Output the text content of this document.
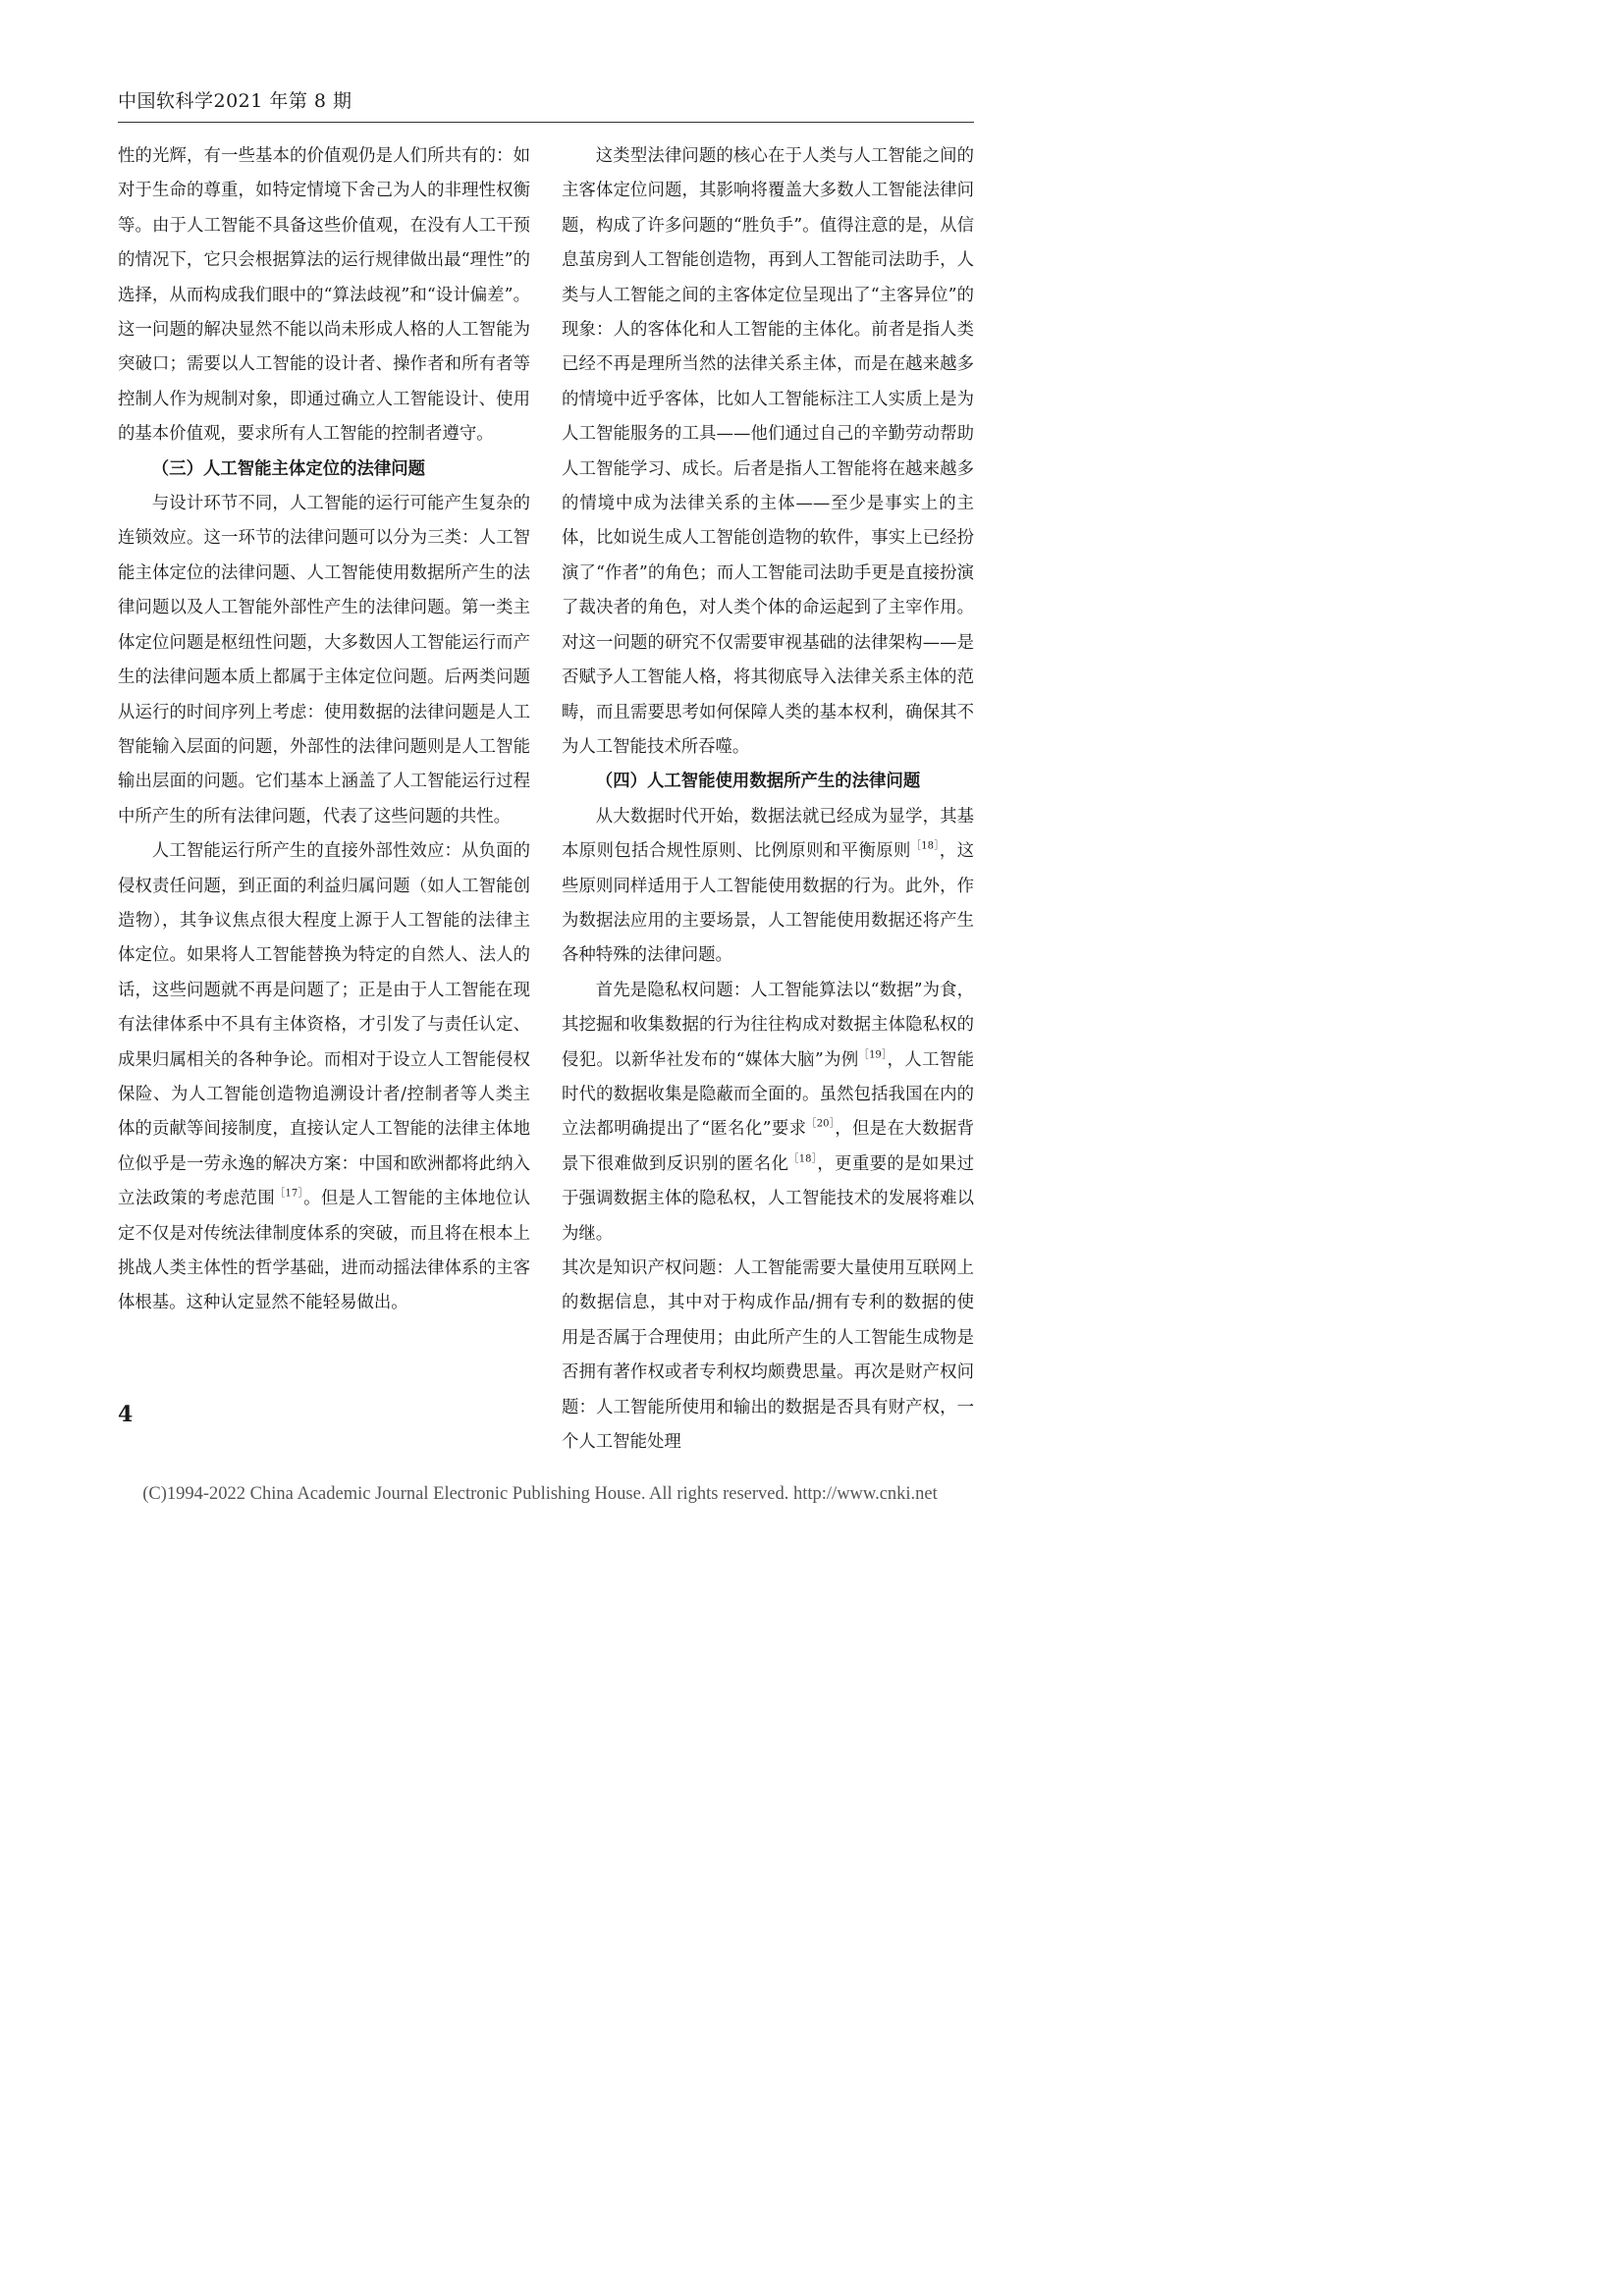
中国软科学2021 年第 8 期

性的光辉，有一些基本的价值观仍是人们所共有的：如对于生命的尊重，如特定情境下舍己为人的非理性权衡等。由于人工智能不具备这些价值观，在没有人工干预的情况下，它只会根据算法的运行规律做出最“理性”的选择，从而构成我们眼中的“算法歧视”和“设计偏差”。这一问题的解决显然不能以尚未形成人格的人工智能为突破口；需要以人工智能的设计者、操作者和所有者等控制人作为规制对象，即通过确立人工智能设计、使用的基本价值观，要求所有人工智能的控制者遵守。

（三）人工智能主体定位的法律问题

与设计环节不同，人工智能的运行可能产生复杂的连锁效应。这一环节的法律问题可以分为三类：人工智能主体定位的法律问题、人工智能使用数据所产生的法律问题以及人工智能外部性产生的法律问题。第一类主体定位问题是枢纽性问题，大多数因人工智能运行而产生的法律问题本质上都属于主体定位问题。后两类问题从运行的时间序列上考虑：使用数据的法律问题是人工智能输入层面的问题，外部性的法律问题则是人工智能输出层面的问题。它们基本上涵盖了人工智能运行过程中所产生的所有法律问题，代表了这些问题的共性。

人工智能运行所产生的直接外部性效应：从负面的侵权责任问题，到正面的利益归属问题（如人工智能创造物），其争议焦点很大程度上源于人工智能的法律主体定位。如果将人工智能替换为特定的自然人、法人的话，这些问题就不再是问题了；正是由于人工智能在现有法律体系中不具有主体资格，才引发了与责任认定、成果归属相关的各种争论。而相对于设立人工智能侵权保险、为人工智能创造物追溯设计者/控制者等人类主体的贡献等间接制度，直接认定人工智能的法律主体地位似乎是一劳永逸的解决方案：中国和欧洲都将此纳入立法政策的考虑范围$^{[17]}$。但是人工智能的主体地位认定不仅是对传统法律制度体系的突破，而且将在根本上挑战人类主体性的哲学基础，进而动摇法律体系的主客体根基。这种认定显然不能轻易做出。

这类型法律问题的核心在于人类与人工智能之间的主客体定位问题，其影响将覆盖大多数人工智能法律问题，构成了许多问题的“胜负手”。值得注意的是，从信息茧房到人工智能创造物，再到人工智能司法助手，人类与人工智能之间的主客体定位呈现出了“主客异位”的现象：人的客体化和人工智能的主体化。前者是指人类已经不再是理所当然的法律关系主体，而是在越来越多的情境中近乎客体，比如人工智能标注工人实质上是为人工智能服务的工具——他们通过自己的辛勤劳动帮助人工智能学习、成长。后者是指人工智能将在越来越多的情境中成为法律关系的主体——至少是事实上的主体，比如说生成人工智能创造物的软件，事实上已经扮演了“作者”的角色；而人工智能司法助手更是直接扮演了裁决者的角色，对人类个体的命运起到了主宰作用。对这一问题的研究不仅需要审视基础的法律架构——是否赋予人工智能人格，将其彻底导入法律关系主体的范畴，而且需要思考如何保障人类的基本权利，确保其不为人工智能技术所吞噬。

（四）人工智能使用数据所产生的法律问题

从大数据时代开始，数据法就已经成为显学，其基本原则包括合规性原则、比例原则和平衡原则$^{[18]}$，这些原则同样适用于人工智能使用数据的行为。此外，作为数据法应用的主要场景，人工智能使用数据还将产生各种特殊的法律问题。

首先是隐私权问题：人工智能算法以“数据”为食，其挖掘和收集数据的行为往往构成对数据主体隐私权的侵犯。以新华社发布的“媒体大脑”为例$^{[19]}$，人工智能时代的数据收集是隐蔽而全面的。虽然包括我国在内的立法都明确提出了“匿名化”要求$^{[20]}$，但是在大数据背景下很难做到反识别的匿名化$^{[18]}$，更重要的是如果过于强调数据主体的隐私权，人工智能技术的发展将难以为继。

其次是知识产权问题：人工智能需要大量使用互联网上的数据信息，其中对于构成作品/拥有专利的数据的使用是否属于合理使用；由此所产生的人工智能生成物是否拥有著作权或者专利权均颇费思量。再次是财产权问题：人工智能所使用和输出的数据是否具有财产权，一个人工智能处理

4
(C)1994-2022 China Academic Journal Electronic Publishing House. All rights reserved. http://www.cnki.net
